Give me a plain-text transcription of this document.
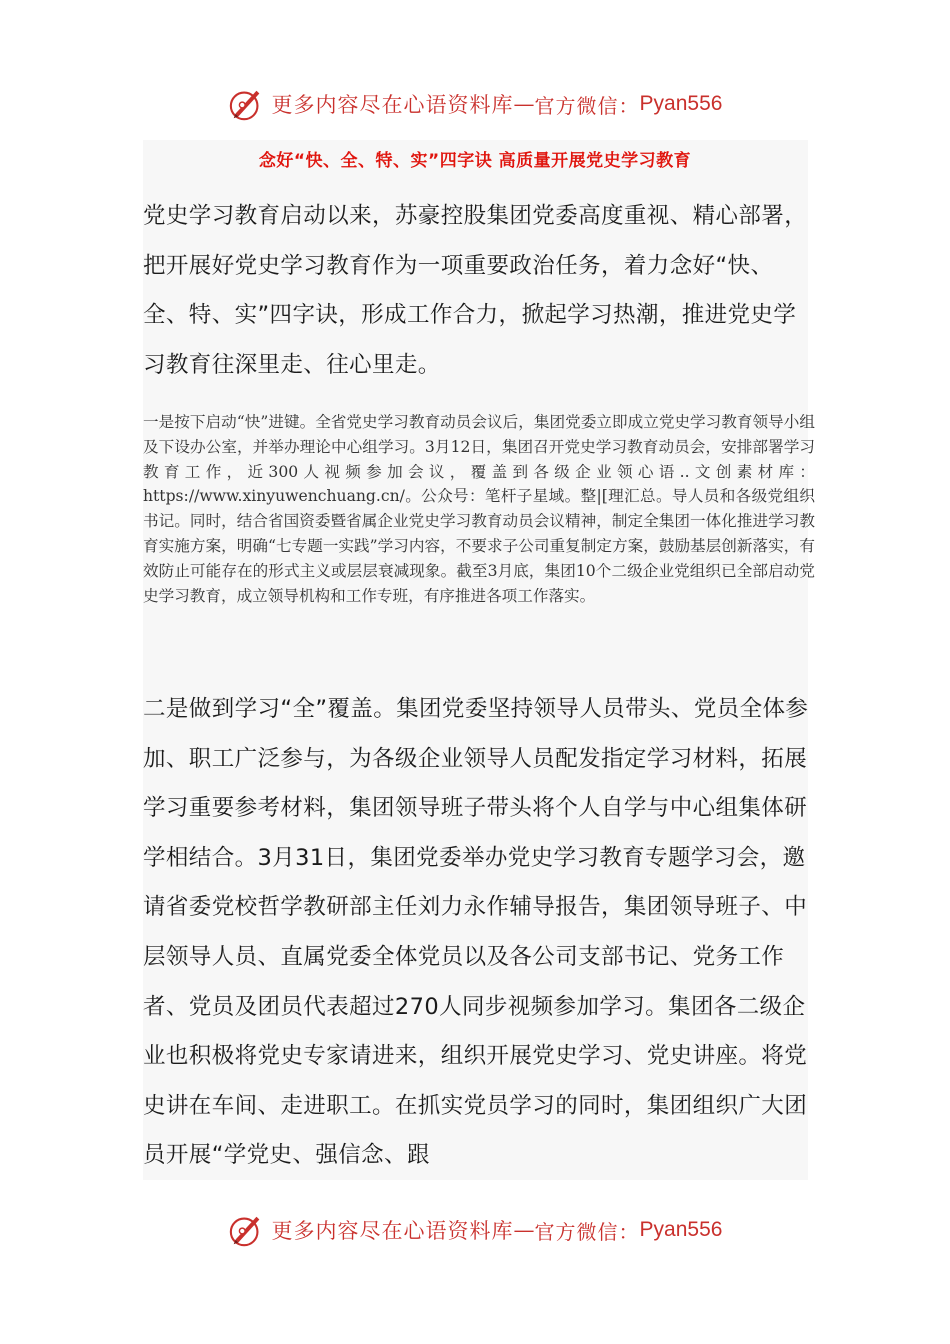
更多内容尽在心语资料库 — 官方微信： Pyan556
念好“快、全、特、实”四字诀 高质量开展党史学习教育

党史学习教育启动以来，苏豪控股集团党委高度重视、精心部署，把开展好党史学习教育作为一项重要政治任务，着力念好“快、全、特、实”四字诀，形成工作合力，掀起学习热潮，推进党史学习教育往深里走、往心里走。

一是按下启动“快”进键。全省党史学习教育动员会议后，集团党委立即成立党史学习教育领导小组及下设办公室，并举办理论中心组学习。3月12日，集团召开党史学习教育动员会，安排部署学习教育工作，近300人视频参加会议，覆盖到各级企业领心语..文创素材库：https://www.xinyuwenchuang.cn/。公众号：笔杆子星域。整|[理汇总。导人员和各级党组织书记。同时，结合省国资委暨省属企业党史学习教育动员会议精神，制定全集团一体化推进学习教育实施方案，明确“七专题一实践”学习内容，不要求子公司重复制定方案，鼓励基层创新落实，有效防止可能存在的形式主义或层层衰减现象。截至3月底，集团10个二级企业党组织已全部启动党史学习教育，成立领导机构和工作专班，有序推进各项工作落实。

二是做到学习“全”覆盖。集团党委坚持领导人员带头、党员全体参加、职工广泛参与，为各级企业领导人员配发指定学习材料，拓展学习重要参考材料，集团领导班子带头将个人自学与中心组集体研学相结合。3月31日，集团党委举办党史学习教育专题学习会，邀请省委党校哲学教研部主任刘力永作辅导报告，集团领导班子、中层领导人员、直属党委全体党员以及各公司支部书记、党务工作者、党员及团员代表超过270人同步视频参加学习。集团各二级企业也积极将党史专家请进来，组织开展党史学习、党史讲座。将党史讲在车间、走进职工。在抓实党员学习的同时，集团组织广大团员开展“学党史、强信念、跟

更多内容尽在心语资料库 — 官方微信： Pyan556
